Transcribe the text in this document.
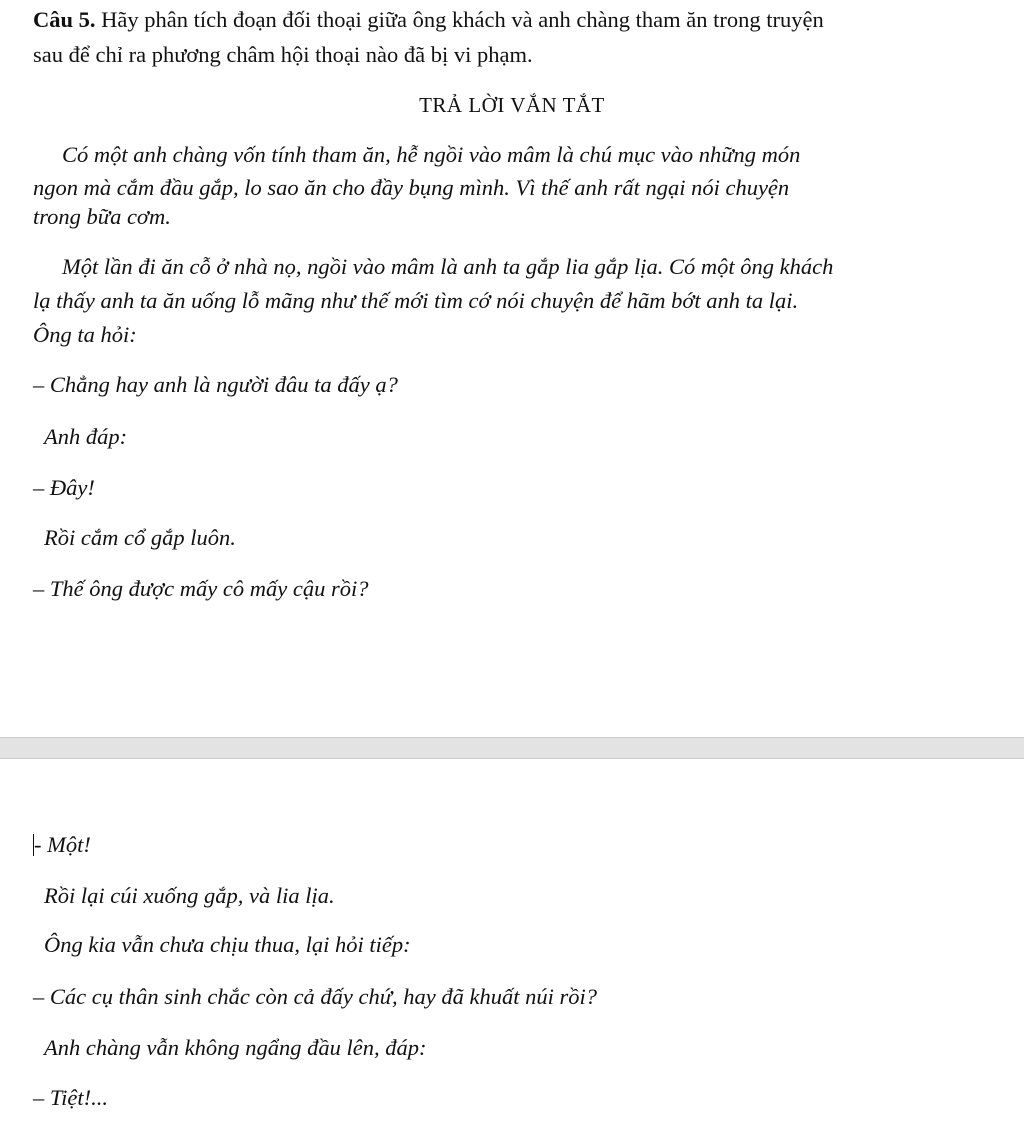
Câu 5. Hãy phân tích đoạn đối thoại giữa ông khách và anh chàng tham ăn trong truyện
sau để chỉ ra phương châm hội thoại nào đã bị vi phạm.
TRẢ LỜI VẮN TẮT
Có một anh chàng vốn tính tham ăn, hễ ngồi vào mâm là chú mục vào những món
ngon mà cắm đầu gắp, lo sao ăn cho đầy bụng mình. Vì thế anh rất ngại nói chuyện
trong bữa cơm.
Một lần đi ăn cỗ ở nhà nọ, ngồi vào mâm là anh ta gắp lia gắp lịa. Có một ông khách
lạ thấy anh ta ăn uống lỗ mãng như thế mới tìm cớ nói chuyện để hãm bớt anh ta lại.
Ông ta hỏi:
– Chẳng hay anh là người đâu ta đấy ạ?
Anh đáp:
– Đây!
Rồi cắm cổ gắp luôn.
– Thế ông được mấy cô mấy cậu rồi?
- Một!
Rồi lại cúi xuống gắp, và lia lịa.
Ông kia vẫn chưa chịu thua, lại hỏi tiếp:
– Các cụ thân sinh chắc còn cả đấy chứ, hay đã khuất núi rồi?
Anh chàng vẫn không ngẩng đầu lên, đáp:
– Tiệt!...
